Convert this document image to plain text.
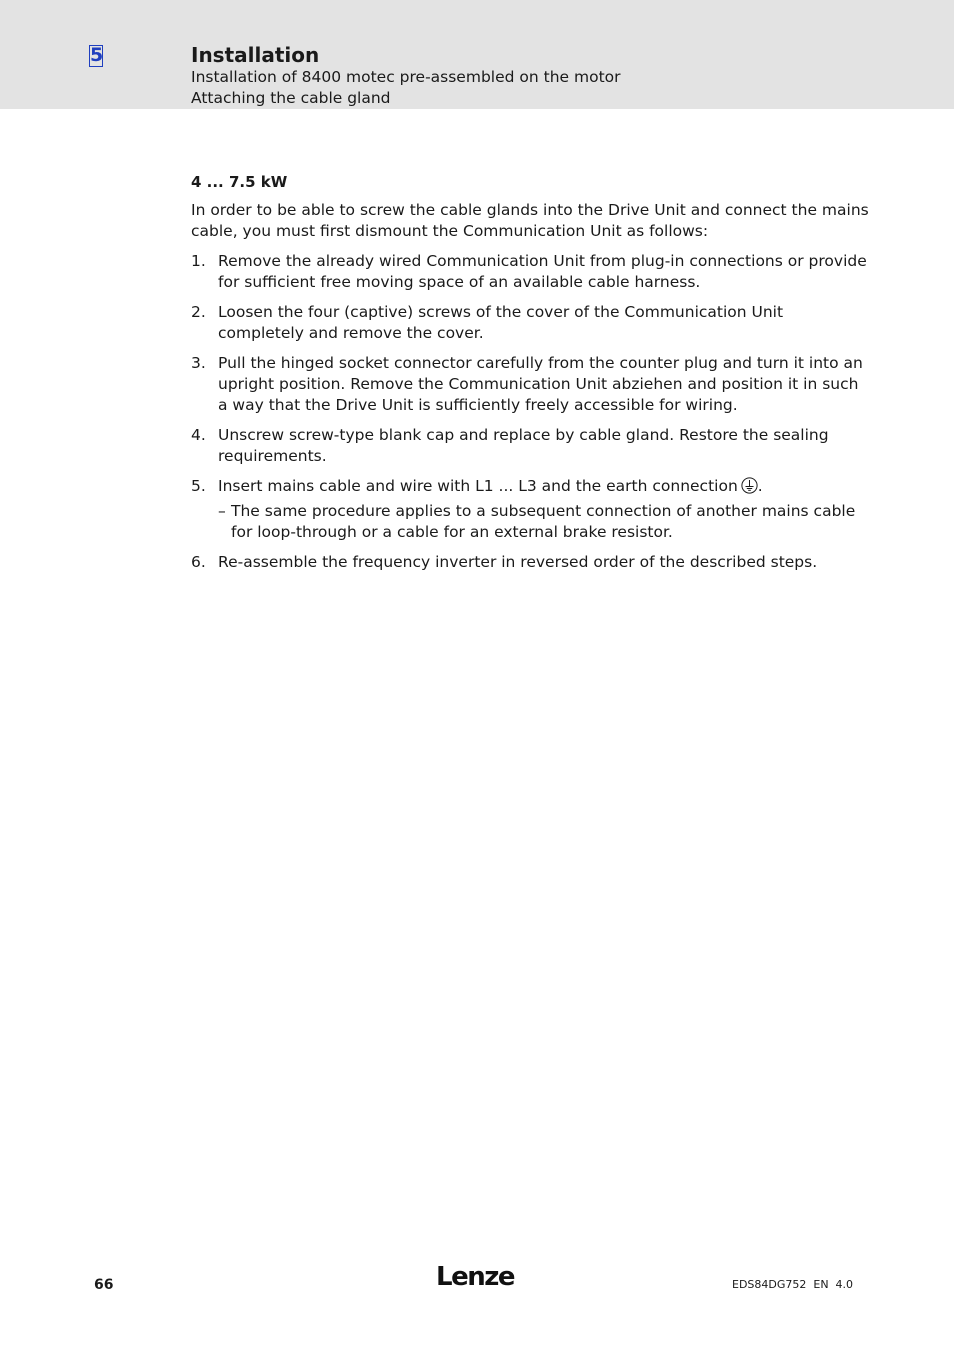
5	Installation
Installation of 8400 motec pre-assembled on the motor
Attaching the cable gland
4 ... 7.5 kW
In order to be able to screw the cable glands into the Drive Unit and connect the mains cable, you must first dismount the Communication Unit as follows:
1. Remove the already wired Communication Unit from plug-in connections or provide for sufficient free moving space of an available cable harness.
2. Loosen the four (captive) screws of the cover of the Communication Unit completely and remove the cover.
3. Pull the hinged socket connector carefully from the counter plug and turn it into an upright position. Remove the Communication Unit abziehen and position it in such a way that the Drive Unit is sufficiently freely accessible for wiring.
4. Unscrew screw-type blank cap and replace by cable gland. Restore the sealing requirements.
5. Insert mains cable and wire with L1 ... L3 and the earth connection .
– The same procedure applies to a subsequent connection of another mains cable for loop-through or a cable for an external brake resistor.
6. Re-assemble the frequency inverter in reversed order of the described steps.
66	Lenze	EDS84DG752  EN  4.0
